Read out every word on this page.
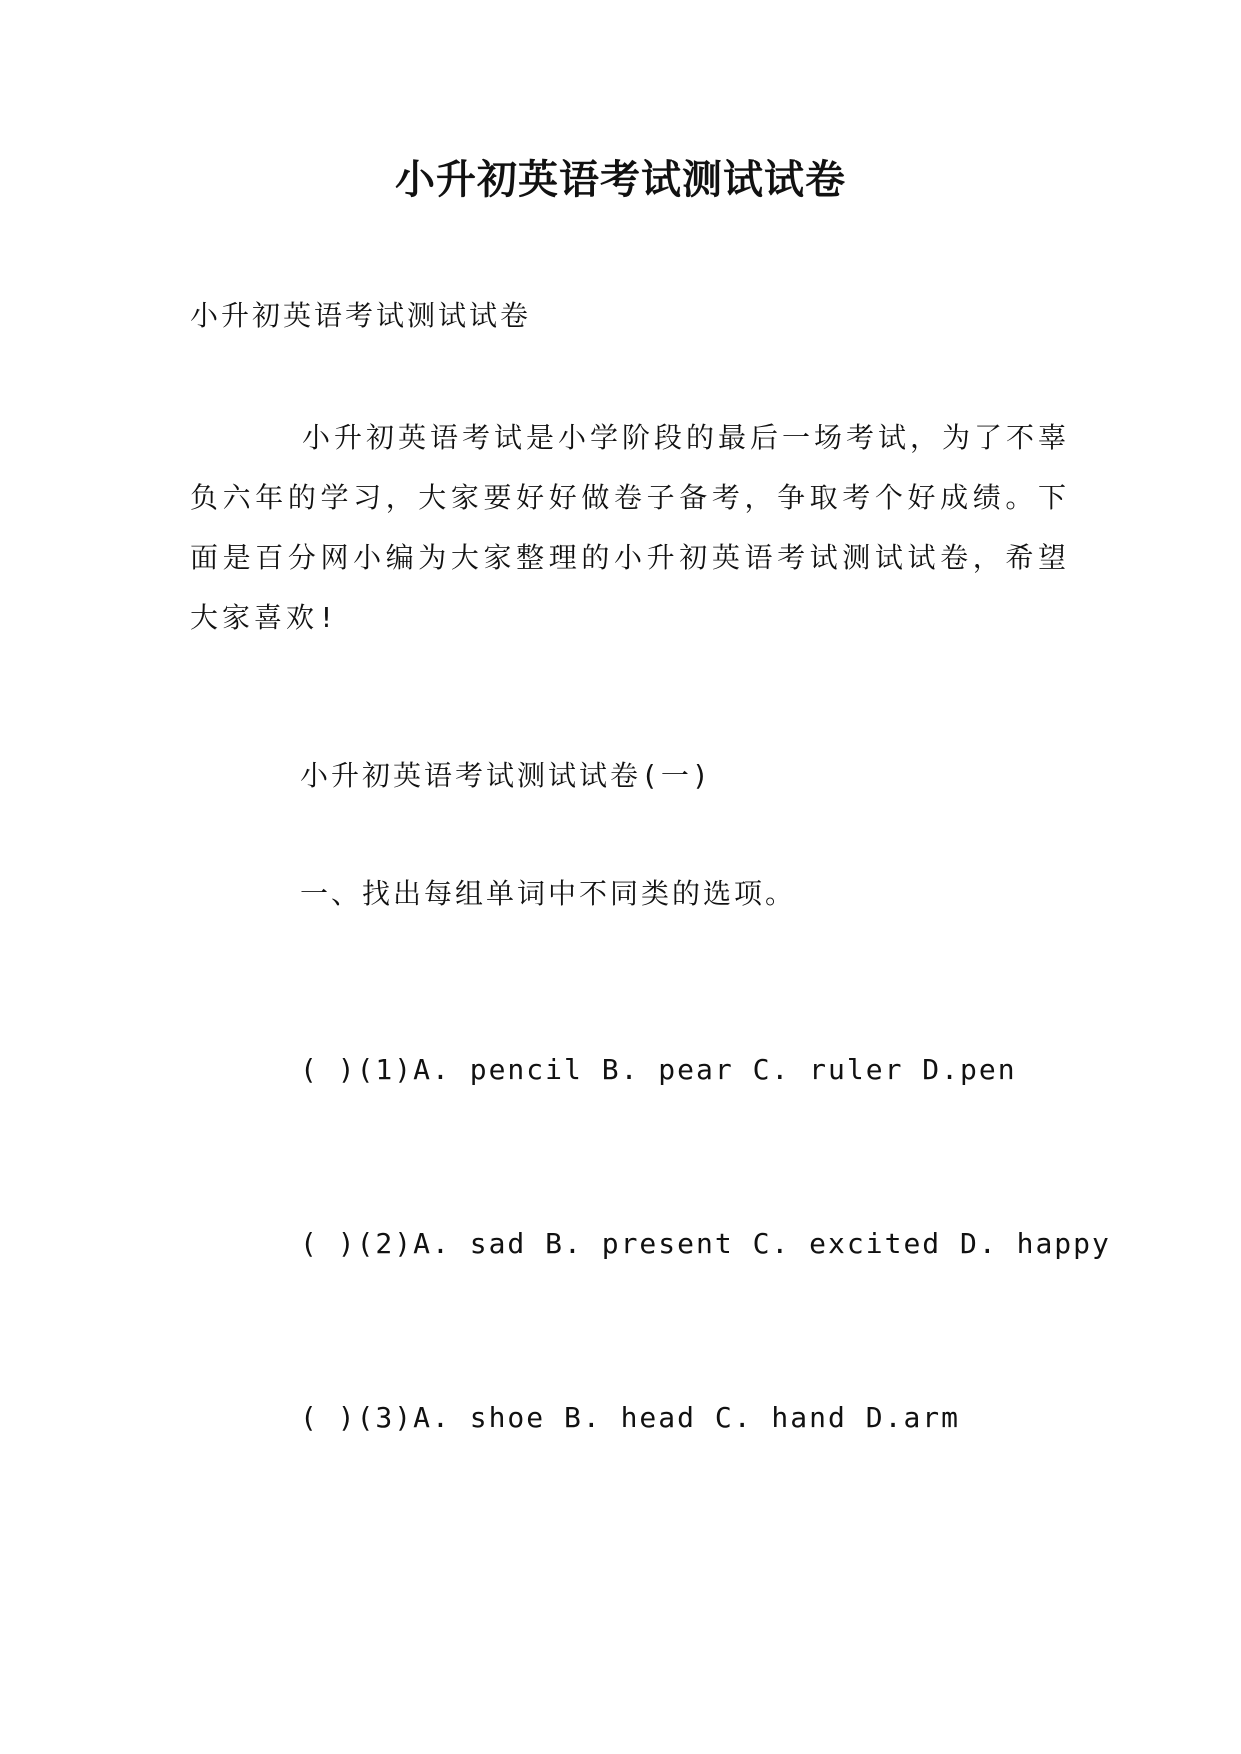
小升初英语考试测试试卷
小升初英语考试测试试卷
小升初英语考试是小学阶段的最后一场考试，为了不辜负六年的学习，大家要好好做卷子备考，争取考个好成绩。下面是百分网小编为大家整理的小升初英语考试测试试卷，希望大家喜欢!
小升初英语考试测试试卷(一)
一、找出每组单词中不同类的选项。
( )(1)A. pencil B. pear C. ruler D.pen
( )(2)A. sad B. present C. excited D. happy
( )(3)A. shoe B. head C. hand D.arm
